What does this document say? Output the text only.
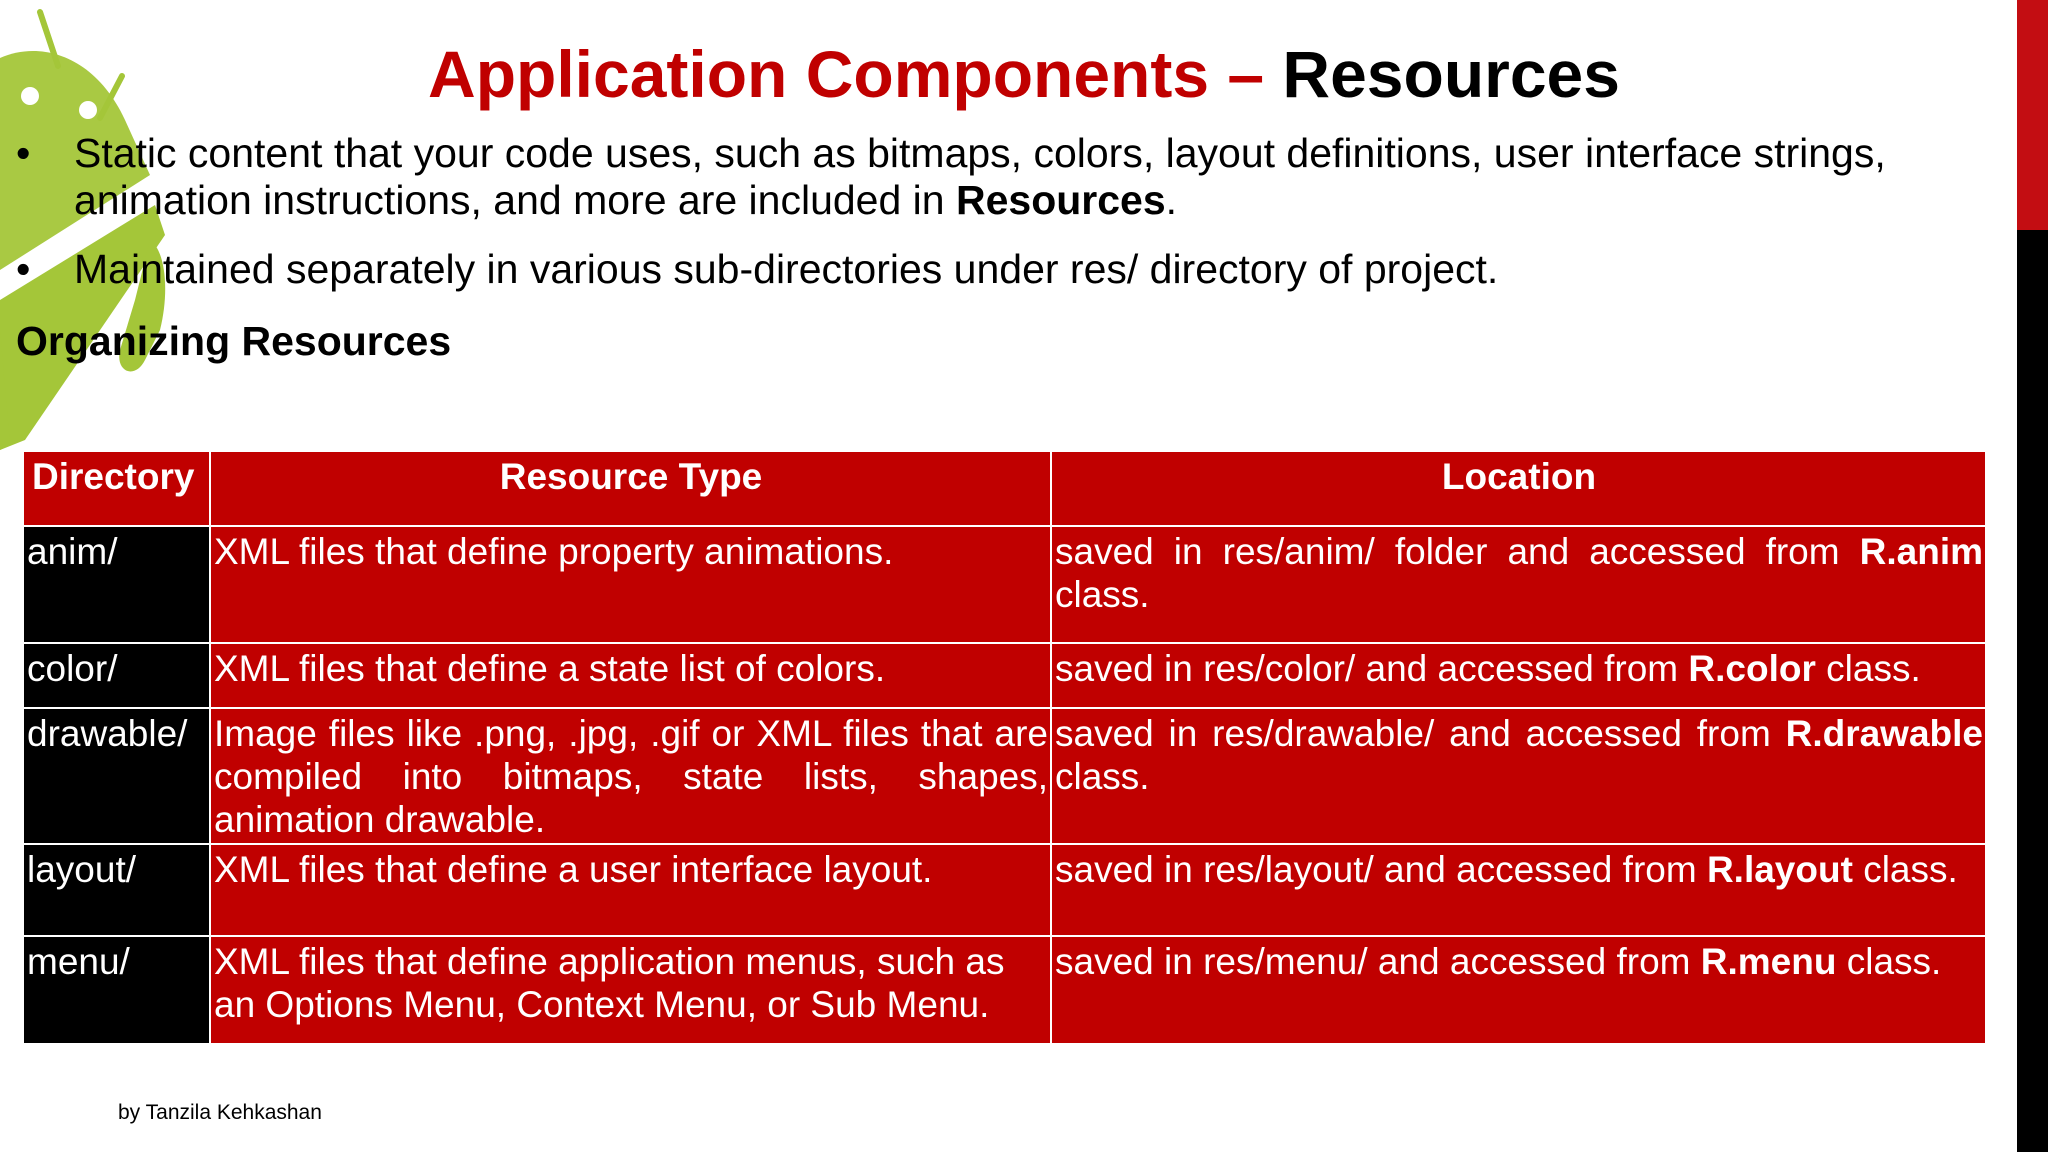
Application Components – Resources
• Static content that your code uses, such as bitmaps, colors, layout definitions, user interface strings, animation instructions, and more are included in Resources.
• Maintained separately in various sub-directories under res/ directory of project.
Organizing Resources
Directory	Resource Type	Location
anim/	XML files that define property animations.	saved in res/anim/ folder and accessed from R.anim class.
color/	XML files that define a state list of colors.	saved in res/color/ and accessed from R.color class.
drawable/	Image files like .png, .jpg, .gif or XML files that are compiled into bitmaps, state lists, shapes, animation drawable.	saved in res/drawable/ and accessed from R.drawable class.
layout/	XML files that define a user interface layout.	saved in res/layout/ and accessed from R.layout class.
menu/	XML files that define application menus, such as an Options Menu, Context Menu, or Sub Menu.	saved in res/menu/ and accessed from R.menu class.
by Tanzila Kehkashan
